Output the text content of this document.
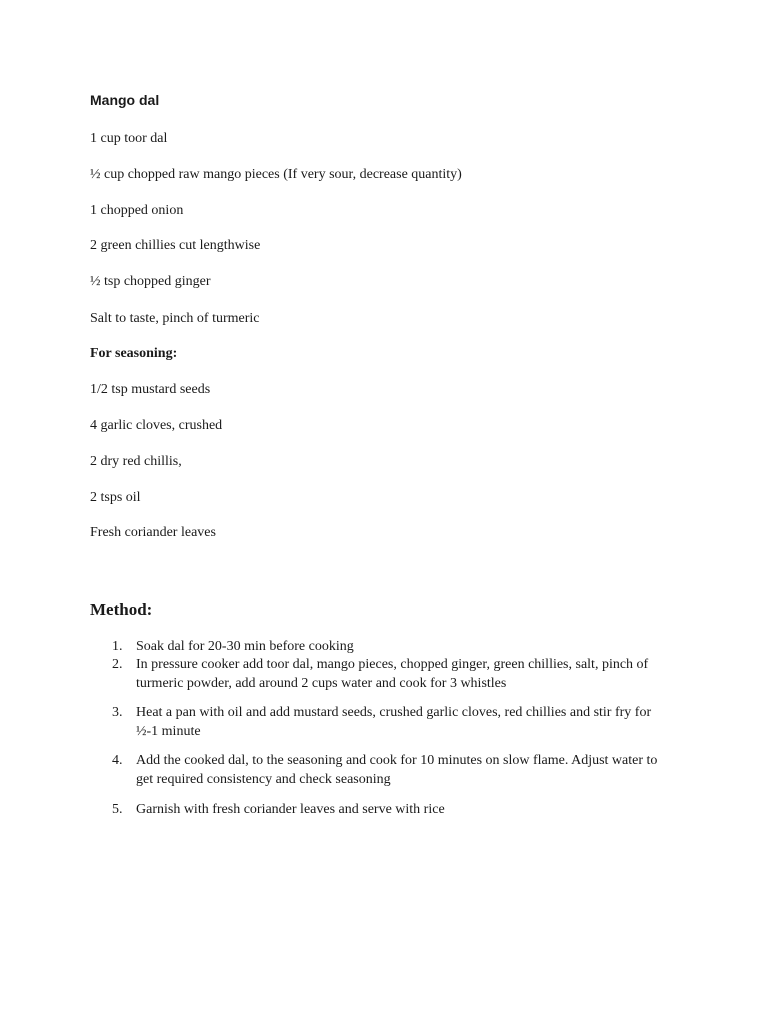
Mango dal

1 cup toor dal

½ cup chopped raw mango pieces (If very sour, decrease quantity)

1 chopped onion

2 green chillies cut lengthwise

½ tsp chopped ginger

Salt to taste, pinch of turmeric

For seasoning:

1/2 tsp mustard seeds

4 garlic cloves, crushed

2 dry red chillis,

2 tsps oil

Fresh coriander leaves

Method:

1. Soak dal for 20-30 min before cooking
2. In pressure cooker add toor dal, mango pieces, chopped ginger, green chillies, salt, pinch of turmeric powder, add around 2 cups water and cook for 3 whistles
3. Heat a pan with oil and add mustard seeds, crushed garlic cloves, red chillies and stir fry for ½-1 minute
4. Add the cooked dal, to the seasoning and cook for 10 minutes on slow flame. Adjust water to get required consistency and check seasoning
5. Garnish with fresh coriander leaves and serve with rice
